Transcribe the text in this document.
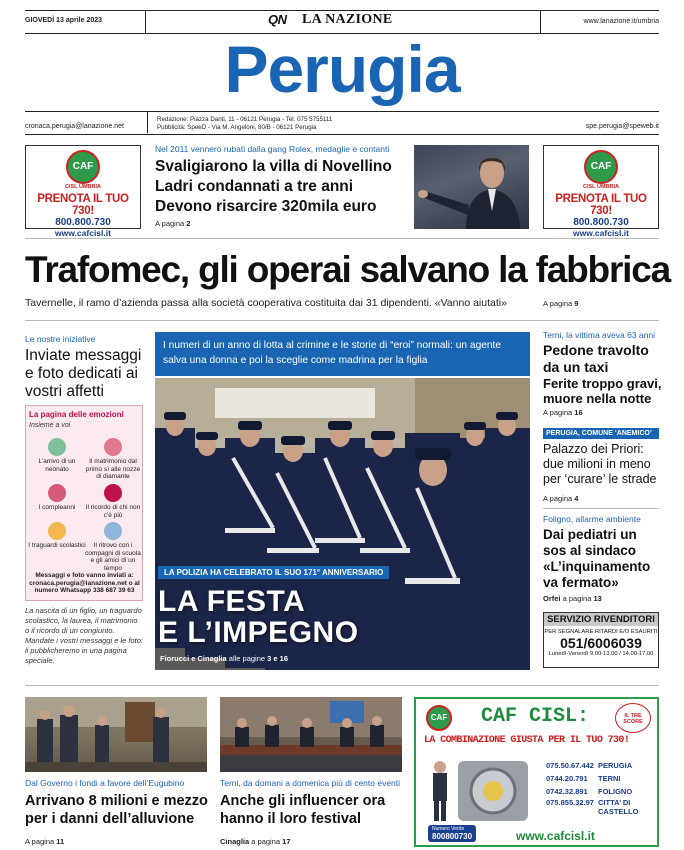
GIOVEDÌ 13 aprile 2023	QN LA NAZIONE	www.lanazione.it/umbria
Perugia
cronaca.perugia@lanazione.net
Redazione: Piazza Danti, 11 - 06121 Perugia - Tel. 075 5755111
Pubblicità: SpeeD - Via M. Angeloni, 80/B - 06121 Perugia	spe.perugia@speweb.it
CAF
CISL UMBRIA
PRENOTA IL TUO 730!
800.800.730
www.cafcisl.it
Nel 2011 vennero rubati dalla gang Rolex, medaglie e contanti
Svaligiarono la villa di Novellino
Ladri condannati a tre anni
Devono risarcire 320mila euro
A pagina 2
CAF
CISL UMBRIA
PRENOTA IL TUO 730!
800.800.730
www.cafcisl.it
Trafomec, gli operai salvano la fabbrica
Tavernelle, il ramo d’azienda passa alla società cooperativa costituita dai 31 dipendenti. «Vanno aiutati»	A pagina 9
Le nostre iniziative
Inviate messaggi e foto dedicati ai vostri affetti
La pagina delle emozioni
Insieme a voi
L’arrivo di un neonato
Il matrimonio dal primo sì alle nozze di diamante
I compleanni	Il ricordo di chi non c’è più
I traguardi scolastici	Il ritrovo con i compagni di scuola e gli amici di un tempo
Messaggi e foto vanno inviati a: cronaca.perugia@lanazione.net o al numero Whatsapp 338 687 39 63
La nascita di un figlio, un traguardo scolastico, la laurea, il matrimonio o il ricordo di un congiunto. Mandate i vostri messaggi e le foto: li pubblicheremo in una pagina speciale.
I numeri di un anno di lotta al crimine e le storie di “eroi” normali: un agente salva una donna e poi la sceglie come madrina per la figlia
LA POLIZIA HA CELEBRATO IL SUO 171° ANNIVERSARIO
LA FESTA
E L’IMPEGNO
Fiorucci e Cinaglia alle pagine 3 e 16
Terni, la vittima aveva 63 anni
Pedone travolto da un taxi
Ferite troppo gravi, muore nella notte
A pagina 16
PERUGIA, COMUNE ‘ANEMICO’
Palazzo dei Priori: due milioni in meno per ‘curare’ le strade
A pagina 4
Foligno, allarme ambiente
Dai pediatri un sos al sindaco «L’inquinamento va fermato»
Orfei a pagina 13
SERVIZIO RIVENDITORI
PER SEGNALARE RITARDI E/O ESAURITI
051/6006039
Lunedì-Venerdì 9.00-13.00 / 14.00-17.00
Dal Governo i fondi a favore dell’Eugubino
Arrivano 8 milioni e mezzo per i danni dell’alluvione
A pagina 11
Terni, da domani a domenica più di cento eventi
Anche gli influencer ora hanno il loro festival
Cinaglia a pagina 17
CAF CAF CISL:	IL TRE SCORE
LA COMBINAZIONE GIUSTA PER IL TUO 730!
075.50.67.442 PERUGIA
0744.20.791	TERNI
0742.32.891	FOLIGNO
075.855.32.97 CITTA’ DI CASTELLO
Numero Verde
800800730	www.cafcisl.it
